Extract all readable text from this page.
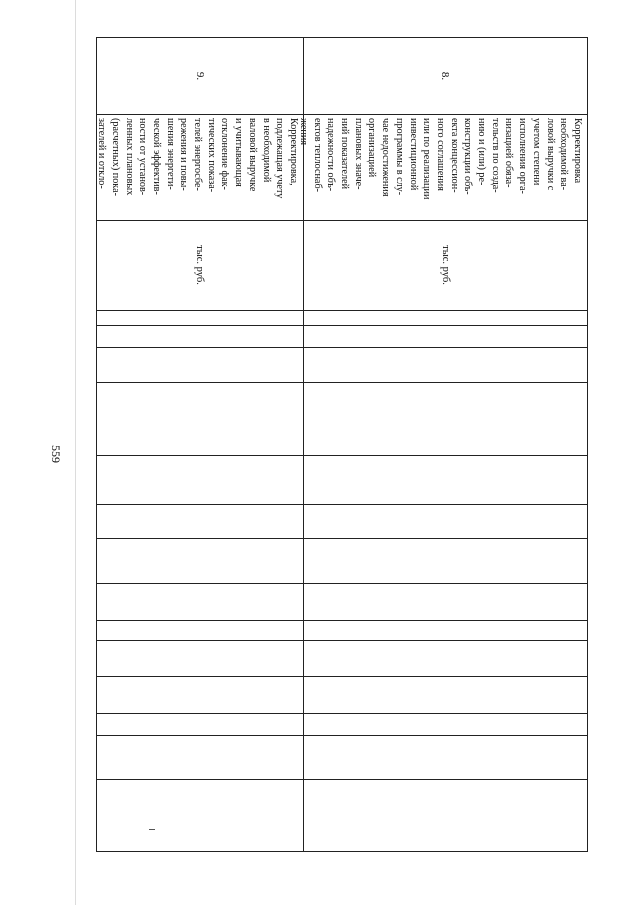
559
8.
Корректировка
необходимой ва-
ловой выручки с
учетом степени
исполнения орга-
низацией обяза-
тельств по созда-
нию и (или) ре-
конструкции объ-
екта концессион-
ного соглашения
или по реализации
инвестиционной
программы в слу-
чае недостижения
организацией
плановых значе-
ний показателей
надежности объ-
ектов теплоснаб-
жения
тыс. руб.
9.
Корректировка,
подлежащая учету
в необходимой
валовой выручке
и учитывающая
отклонение фак-
тических показа-
телей энергосбе-
режения и повы-
шения энергети-
ческой эффектив-
ности от установ-
ленных плановых
(расчетных) пока-
зателей и откло-
тыс. руб.
